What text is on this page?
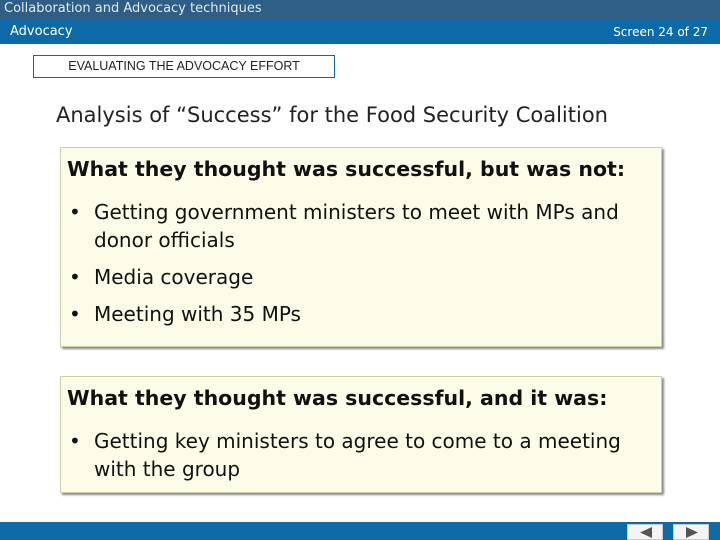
Collaboration and Advocacy techniques
Advocacy	Screen 24 of 27
EVALUATING THE ADVOCACY EFFORT
Analysis of “Success” for the Food Security Coalition
What they thought was successful, but was not:
• Getting government ministers to meet with MPs and donor officials
• Media coverage
• Meeting with 35 MPs
What they thought was successful, and it was:
• Getting key ministers to agree to come to a meeting with the group
